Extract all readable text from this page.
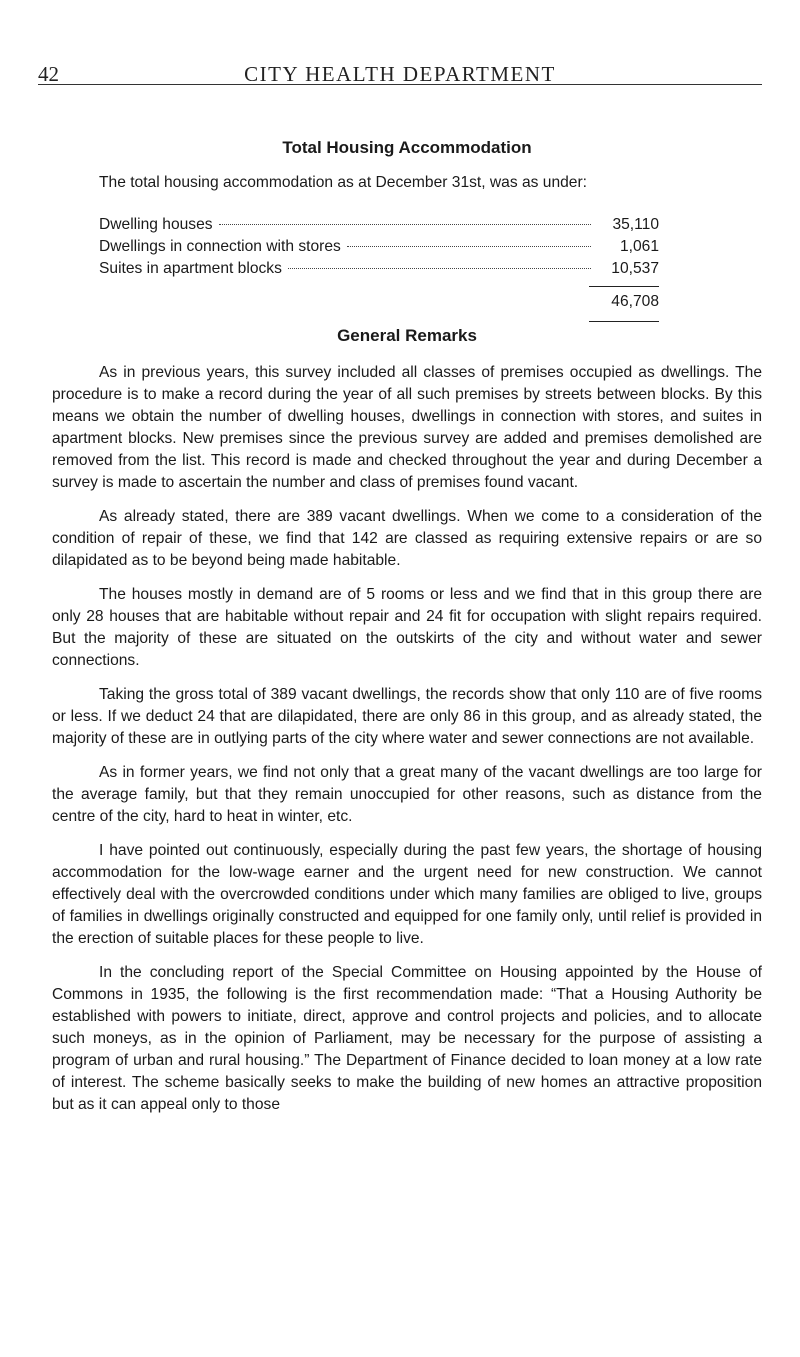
42	CITY HEALTH DEPARTMENT
Total Housing Accommodation

The total housing accommodation as at December 31st, was as under:

Dwelling houses	35,110
Dwellings in connection with stores	1,061
Suites in apartment blocks	10,537
46,708
General Remarks

As in previous years, this survey included all classes of premises occupied as dwellings. The procedure is to make a record during the year of all such premises by streets between blocks. By this means we obtain the number of dwelling houses, dwellings in connection with stores, and suites in apartment blocks. New premises since the previous survey are added and premises demolished are removed from the list. This record is made and checked throughout the year and during December a survey is made to ascertain the number and class of premises found vacant.

As already stated, there are 389 vacant dwellings. When we come to a consideration of the condition of repair of these, we find that 142 are classed as requiring extensive repairs or are so dilapidated as to be beyond being made habitable.

The houses mostly in demand are of 5 rooms or less and we find that in this group there are only 28 houses that are habitable without repair and 24 fit for occupation with slight repairs required. But the majority of these are situated on the outskirts of the city and without water and sewer connections.

Taking the gross total of 389 vacant dwellings, the records show that only 110 are of five rooms or less. If we deduct 24 that are dilapidated, there are only 86 in this group, and as already stated, the majority of these are in outlying parts of the city where water and sewer connections are not available.

As in former years, we find not only that a great many of the vacant dwellings are too large for the average family, but that they remain unoccupied for other reasons, such as distance from the centre of the city, hard to heat in winter, etc.

I have pointed out continuously, especially during the past few years, the shortage of housing accommodation for the low-wage earner and the urgent need for new construction. We cannot effectively deal with the overcrowded conditions under which many families are obliged to live, groups of families in dwellings originally constructed and equipped for one family only, until relief is provided in the erection of suitable places for these people to live.

In the concluding report of the Special Committee on Housing appointed by the House of Commons in 1935, the following is the first recommendation made: “That a Housing Authority be established with powers to initiate, direct, approve and control projects and policies, and to allocate such moneys, as in the opinion of Parliament, may be necessary for the purpose of assisting a program of urban and rural housing.” The Department of Finance decided to loan money at a low rate of interest. The scheme basically seeks to make the building of new homes an attractive proposition but as it can appeal only to those
